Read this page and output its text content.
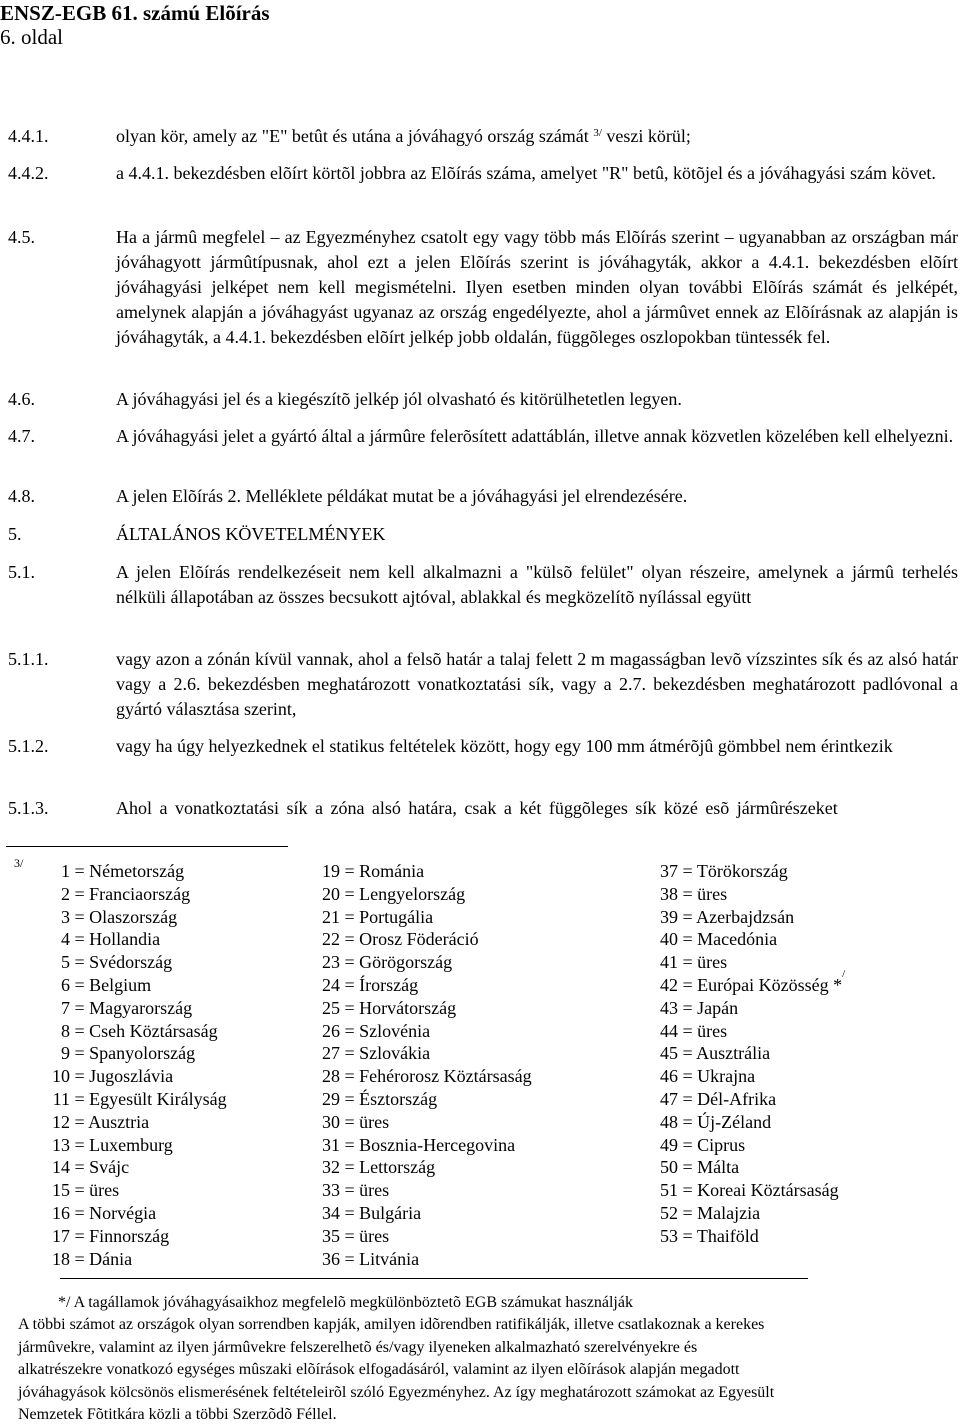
ENSZ-EGB 61. számú Elõírás
6. oldal
4.4.1.	olyan kör, amely az "E" betût és utána a jóváhagyó ország számát $^{3/}$ veszi körül;
4.4.2.	a 4.4.1. bekezdésben elõírt körtõl jobbra az Elõírás száma, amelyet "R" betû, kötõjel és a jóváhagyási szám követ.
4.5.	Ha a jármû megfelel – az Egyezményhez csatolt egy vagy több más Elõírás szerint – ugyanabban az országban már jóváhagyott jármûtípusnak, ahol ezt a jelen Elõírás szerint is jóváhagyták, akkor a 4.4.1. bekezdésben elõírt jóváhagyási jelképet nem kell megismételni. Ilyen esetben minden olyan további Elõírás számát és jelképét, amelynek alapján a jóváhagyást ugyanaz az ország engedélyezte, ahol a jármûvet ennek az Elõírásnak az alapján is jóváhagyták, a 4.4.1. bekezdésben elõírt jelkép jobb oldalán, függõleges oszlopokban tüntessék fel.
4.6.	A jóváhagyási jel és a kiegészítõ jelkép jól olvasható és kitörülhetetlen legyen.
4.7.	A jóváhagyási jelet a gyártó által a jármûre felerõsített adattáblán, illetve annak közvetlen közelében kell elhelyezni.
4.8.	A jelen Elõírás 2. Melléklete példákat mutat be a jóváhagyási jel elrendezésére.
5.	ÁLTALÁNOS KÖVETELMÉNYEK
5.1.	A jelen Elõírás rendelkezéseit nem kell alkalmazni a "külsõ felület" olyan részeire, amelynek a jármû terhelés nélküli állapotában az összes becsukott ajtóval, ablakkal és megközelítõ nyílással együtt
5.1.1.	vagy azon a zónán kívül vannak, ahol a felsõ határ a talaj felett 2 m magasságban levõ vízszintes sík és az alsó határ vagy a 2.6. bekezdésben meghatározott vonatkoztatási sík, vagy a 2.7. bekezdésben meghatározott padlóvonal a gyártó választása szerint,
5.1.2.	vagy ha úgy helyezkednek el statikus feltételek között, hogy egy 100 mm átmérõjû gömbbel nem érintkezik
5.1.3.	Ahol a vonatkoztatási sík a zóna alsó határa, csak a két függõleges sík közé esõ jármûrészeket
3/	1 = Németország
2 = Franciaország
3 = Olaszország
4 = Hollandia
5 = Svédország
6 = Belgium
7 = Magyarország
8 = Cseh Köztársaság
9 = Spanyolország
10 = Jugoszlávia
11 = Egyesült Királyság
12 = Ausztria
13 = Luxemburg
14 = Svájc
15 = üres
16 = Norvégia
17 = Finnország
18 = Dánia
19 = Románia
20 = Lengyelország
21 = Portugália
22 = Orosz Föderáció
23 = Görögország
24 = Írország
25 = Horvátország
26 = Szlovénia
27 = Szlovákia
28 = Fehérorosz Köztársaság
29 = Észtország
30 = üres
31 = Bosznia-Hercegovina
32 = Lettország
33 = üres
34 = Bulgária
35 = üres
36 = Litvánia
37 = Törökország
38 = üres
39 = Azerbajdzsán
40 = Macedónia
41 = üres
42 = Európai Közösség *
/
43 = Japán
44 = üres
45 = Ausztrália
46 = Ukrajna
47 = Dél-Afrika
48 = Új-Zéland
49 = Ciprus
50 = Málta
51 = Koreai Köztársaság
52 = Malajzia
53 = Thaiföld
*/ A tagállamok jóváhagyásaikhoz megfelelõ megkülönböztetõ EGB számukat használják
A többi számot az országok olyan sorrendben kapják, amilyen idõrendben ratifikálják, illetve csatlakoznak a kerekes
jármûvekre, valamint az ilyen jármûvekre felszerelhetõ és/vagy ilyeneken alkalmazható szerelvényekre és
alkatrészekre vonatkozó egységes mûszaki elõírások elfogadásáról, valamint az ilyen elõírások alapján megadott
jóváhagyások kölcsönös elismerésének feltételeirõl szóló Egyezményhez. Az így meghatározott számokat az Egyesült
Nemzetek Fõtitkára közli a többi Szerzõdõ Féllel.
